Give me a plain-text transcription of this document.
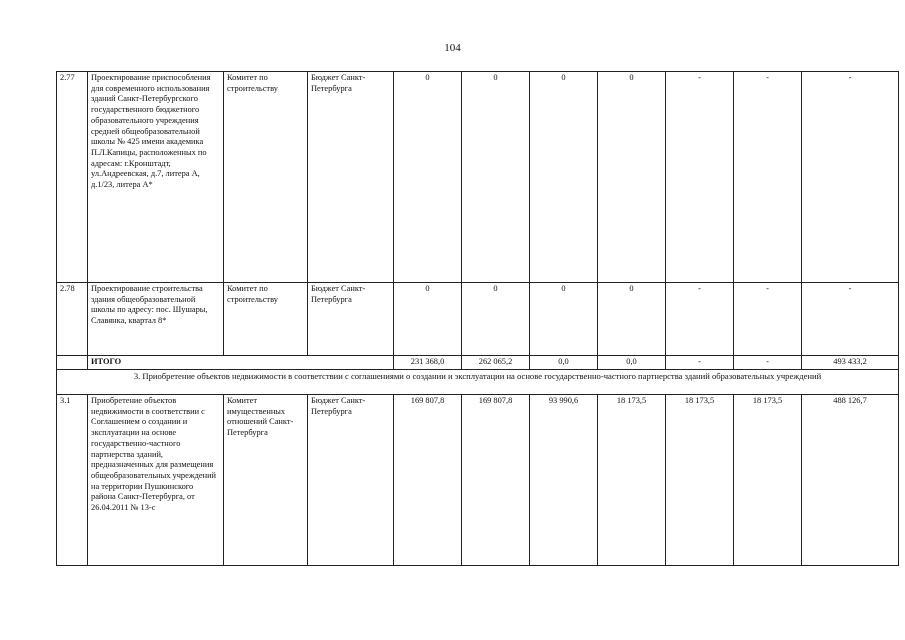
104
2.77	Проектирование приспособления для современного использования зданий Санкт-Петербургского государственного бюджетного образовательного учреждения средней общеобразовательной школы № 425 имени академика П.Л.Капицы, расположенных по адресам: г.Кронштадт, ул.Андреевская, д.7, литера А, д.1/23, литера А*	Комитет по строительству	Бюджет Санкт-Петербурга	0	0	0	0	-	-	-
2.78	Проектирование строительства здания общеобразовательной школы по адресу: пос. Шушары, Славянка, квартал 8*	Комитет по строительству	Бюджет Санкт-Петербурга	0	0	0	0	-	-	-
	ИТОГО			231 368,0	262 065,2	0,0	0,0	-	-	493 433,2
3. Приобретение объектов недвижимости в соответствии с соглашениями о создании и эксплуатации на основе государственно-частного партнерства зданий образовательных учреждений										
3.1	Приобретение объектов недвижимости в соответствии с Соглашением о создании и эксплуатации на основе государственно-частного партнерства зданий, предназначенных для размещения общеобразовательных учреждений на территории Пушкинского района Санкт-Петербурга, от 26.04.2011 № 13-с	Комитет имущественных отношений Санкт-Петербурга	Бюджет Санкт-Петербурга	169 807,8	169 807,8	93 990,6	18 173,5	18 173,5	18 173,5	488 126,7
